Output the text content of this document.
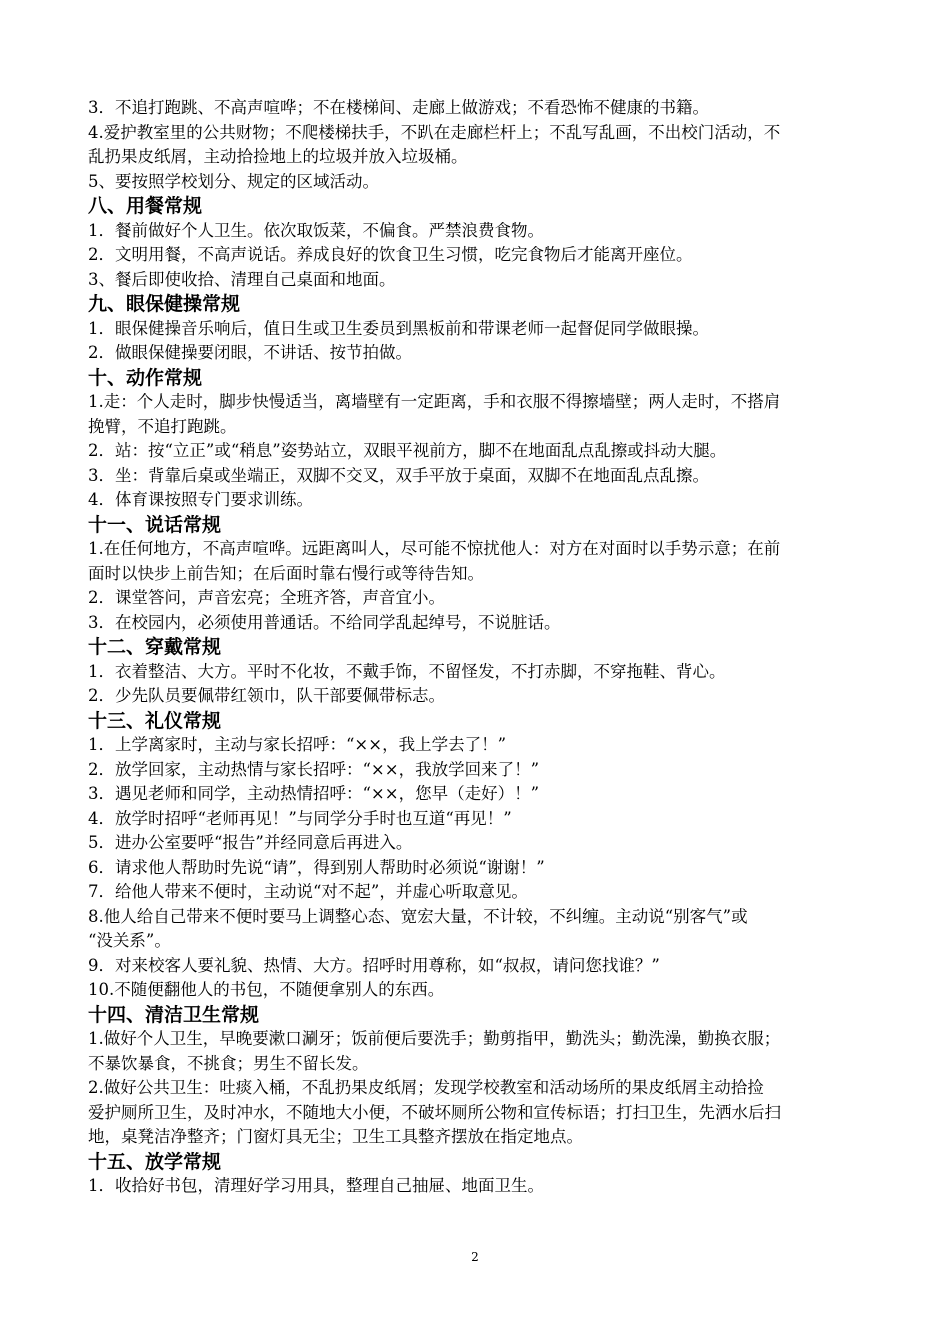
3．不追打跑跳、不高声喧哗；不在楼梯间、走廊上做游戏；不看恐怖不健康的书籍。
4.爱护教室里的公共财物；不爬楼梯扶手，不趴在走廊栏杆上；不乱写乱画，不出校门活动，不
乱扔果皮纸屑，主动拾捡地上的垃圾并放入垃圾桶。
5、要按照学校划分、规定的区域活动。
八、用餐常规
1．餐前做好个人卫生。依次取饭菜，不偏食。严禁浪费食物。
2．文明用餐，不高声说话。养成良好的饮食卫生习惯，吃完食物后才能离开座位。
3、餐后即使收拾、清理自己桌面和地面。
九、眼保健操常规
1．眼保健操音乐响后，值日生或卫生委员到黑板前和带课老师一起督促同学做眼操。
2．做眼保健操要闭眼，不讲话、按节拍做。
十、动作常规
1.走：个人走时，脚步快慢适当，离墙壁有一定距离，手和衣服不得擦墙壁；两人走时，不搭肩
挽臂，不追打跑跳。
2．站：按“立正”或“稍息”姿势站立，双眼平视前方，脚不在地面乱点乱擦或抖动大腿。
3．坐：背靠后桌或坐端正，双脚不交叉，双手平放于桌面，双脚不在地面乱点乱擦。
4．体育课按照专门要求训练。
十一、说话常规
1.在任何地方，不高声喧哗。远距离叫人，尽可能不惊扰他人：对方在对面时以手势示意；在前
面时以快步上前告知；在后面时靠右慢行或等待告知。
2．课堂答问，声音宏亮；全班齐答，声音宜小。
3．在校园内，必须使用普通话。不给同学乱起绰号，不说脏话。
十二、穿戴常规
1．衣着整洁、大方。平时不化妆，不戴手饰，不留怪发，不打赤脚，不穿拖鞋、背心。
2．少先队员要佩带红领巾，队干部要佩带标志。
十三、礼仪常规
1．上学离家时，主动与家长招呼：“××，我上学去了！”
2．放学回家，主动热情与家长招呼：“××，我放学回来了！”
3．遇见老师和同学，主动热情招呼：“××，您早（走好）！”
4．放学时招呼“老师再见！”与同学分手时也互道“再见！”
5．进办公室要呼“报告”并经同意后再进入。
6．请求他人帮助时先说“请”，得到别人帮助时必须说“谢谢！”
7．给他人带来不便时，主动说“对不起”，并虚心听取意见。
8.他人给自己带来不便时要马上调整心态、宽宏大量，不计较，不纠缠。主动说“别客气”或
“没关系”。
9．对来校客人要礼貌、热情、大方。招呼时用尊称，如“叔叔，请问您找谁？”
10.不随便翻他人的书包，不随便拿别人的东西。
十四、清洁卫生常规
1.做好个人卫生，早晚要漱口涮牙；饭前便后要洗手；勤剪指甲，勤洗头；勤洗澡，勤换衣服；
不暴饮暴食，不挑食；男生不留长发。
2.做好公共卫生：吐痰入桶，不乱扔果皮纸屑；发现学校教室和活动场所的果皮纸屑主动拾捡
爱护厕所卫生，及时冲水，不随地大小便，不破坏厕所公物和宣传标语；打扫卫生，先洒水后扫
地，桌凳洁净整齐；门窗灯具无尘；卫生工具整齐摆放在指定地点。
十五、放学常规
1．收拾好书包，清理好学习用具，整理自己抽屉、地面卫生。
2
